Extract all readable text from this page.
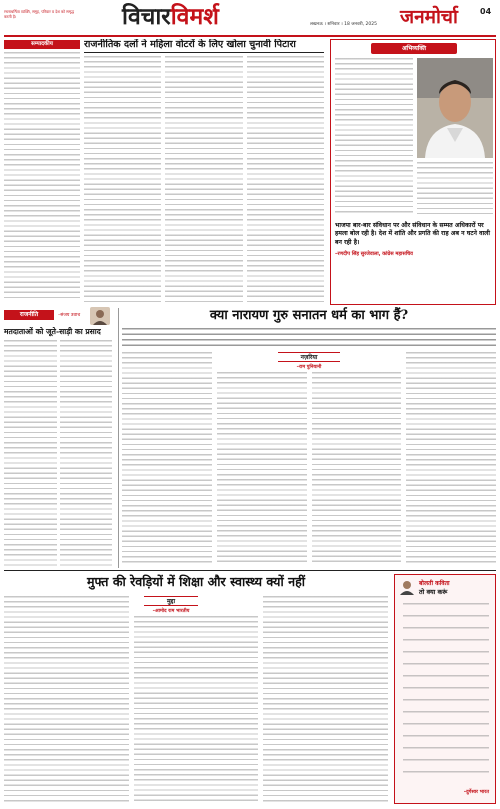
रचनाधर्मिता व्यक्ति, समूह, परिवार व देश को समृद्ध करती है।	विचारविमर्श	लखनऊ । शनिवार । 18 जनवरी, 2025 जनमोर्चा	04
सम्पादकीय	राजनीतिक दलों ने महिला वोटरों के लिए खोला चुनावी पिटारा	अभिव्यक्ति
भाजपा बार-बार संविधान पर और संविधान के सम्मत अधिकारों पर हमला बोल रही है। देश में शांति और प्रगति की राह अब न घटने वाली बन रही है।
–रणदीप सिंह सुरजेवाला, कांग्रेस महासचिव
राजनीति	–संजय उवाच
मतदाताओं को जूते-साड़ी का प्रसाद
क्या नारायण गुरु सनातन धर्म का भाग हैं?
नज़रिया
–राम पुनियानी
मुफ्त की रेवड़ियों में शिक्षा और स्वास्थ्य क्यों नहीं
मुद्दा
–आमोद राम भारतीय
बोलती कविता
तो क्या करूं
–दुर्गेश्वर भारत
